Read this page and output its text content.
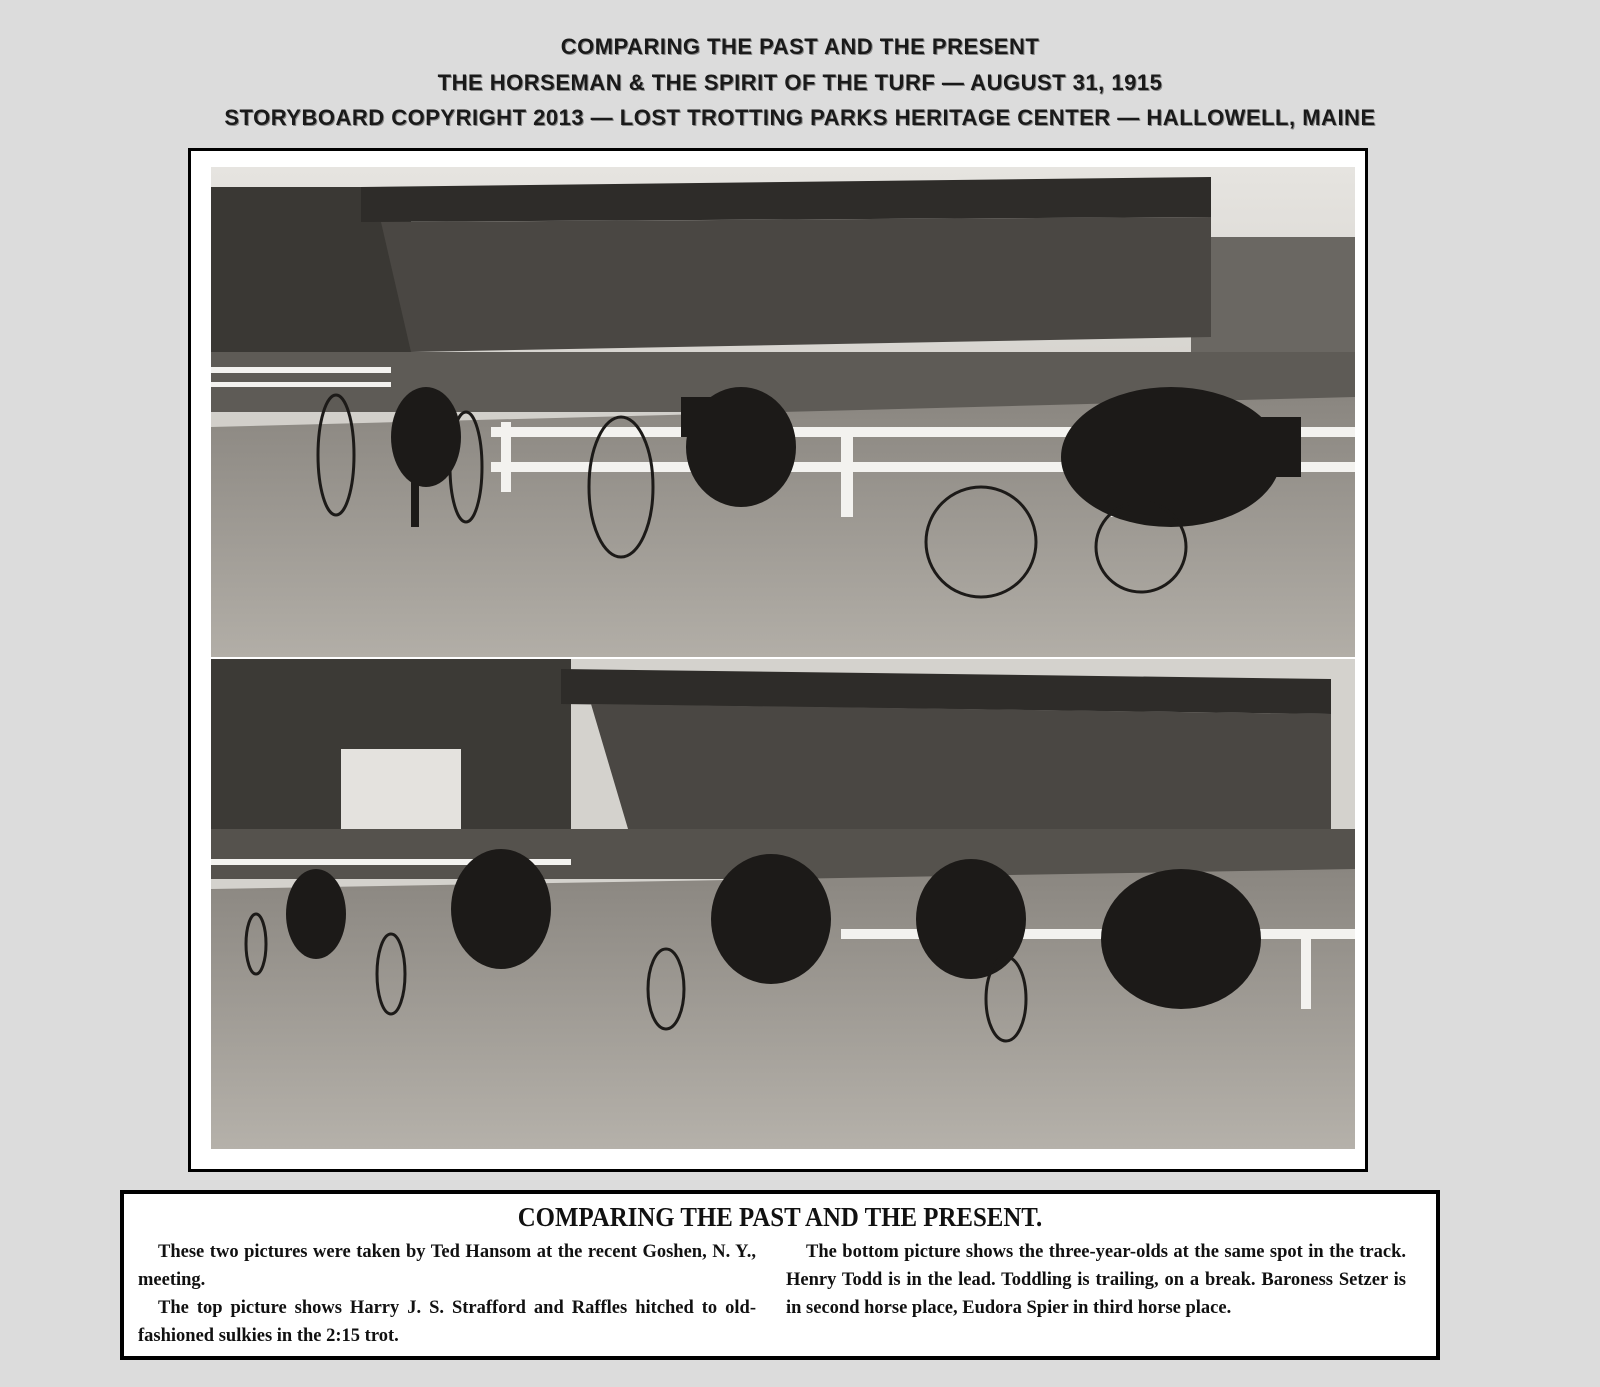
COMPARING THE PAST AND THE PRESENT
THE HORSEMAN & THE SPIRIT OF THE TURF — AUGUST 31, 1915
STORYBOARD COPYRIGHT 2013 — LOST TROTTING PARKS HERITAGE CENTER — HALLOWELL, MAINE
COMPARING THE PAST AND THE PRESENT.

These two pictures were taken by Ted Hansom at the recent Goshen, N. Y., meeting.

The top picture shows Harry J. S. Strafford and Raffles hitched to old-fashioned sulkies in the 2:15 trot.

The bottom picture shows the three-year-olds at the same spot in the track. Henry Todd is in the lead. Toddling is trailing, on a break. Baroness Setzer is in second horse place, Eudora Spier in third horse place.
